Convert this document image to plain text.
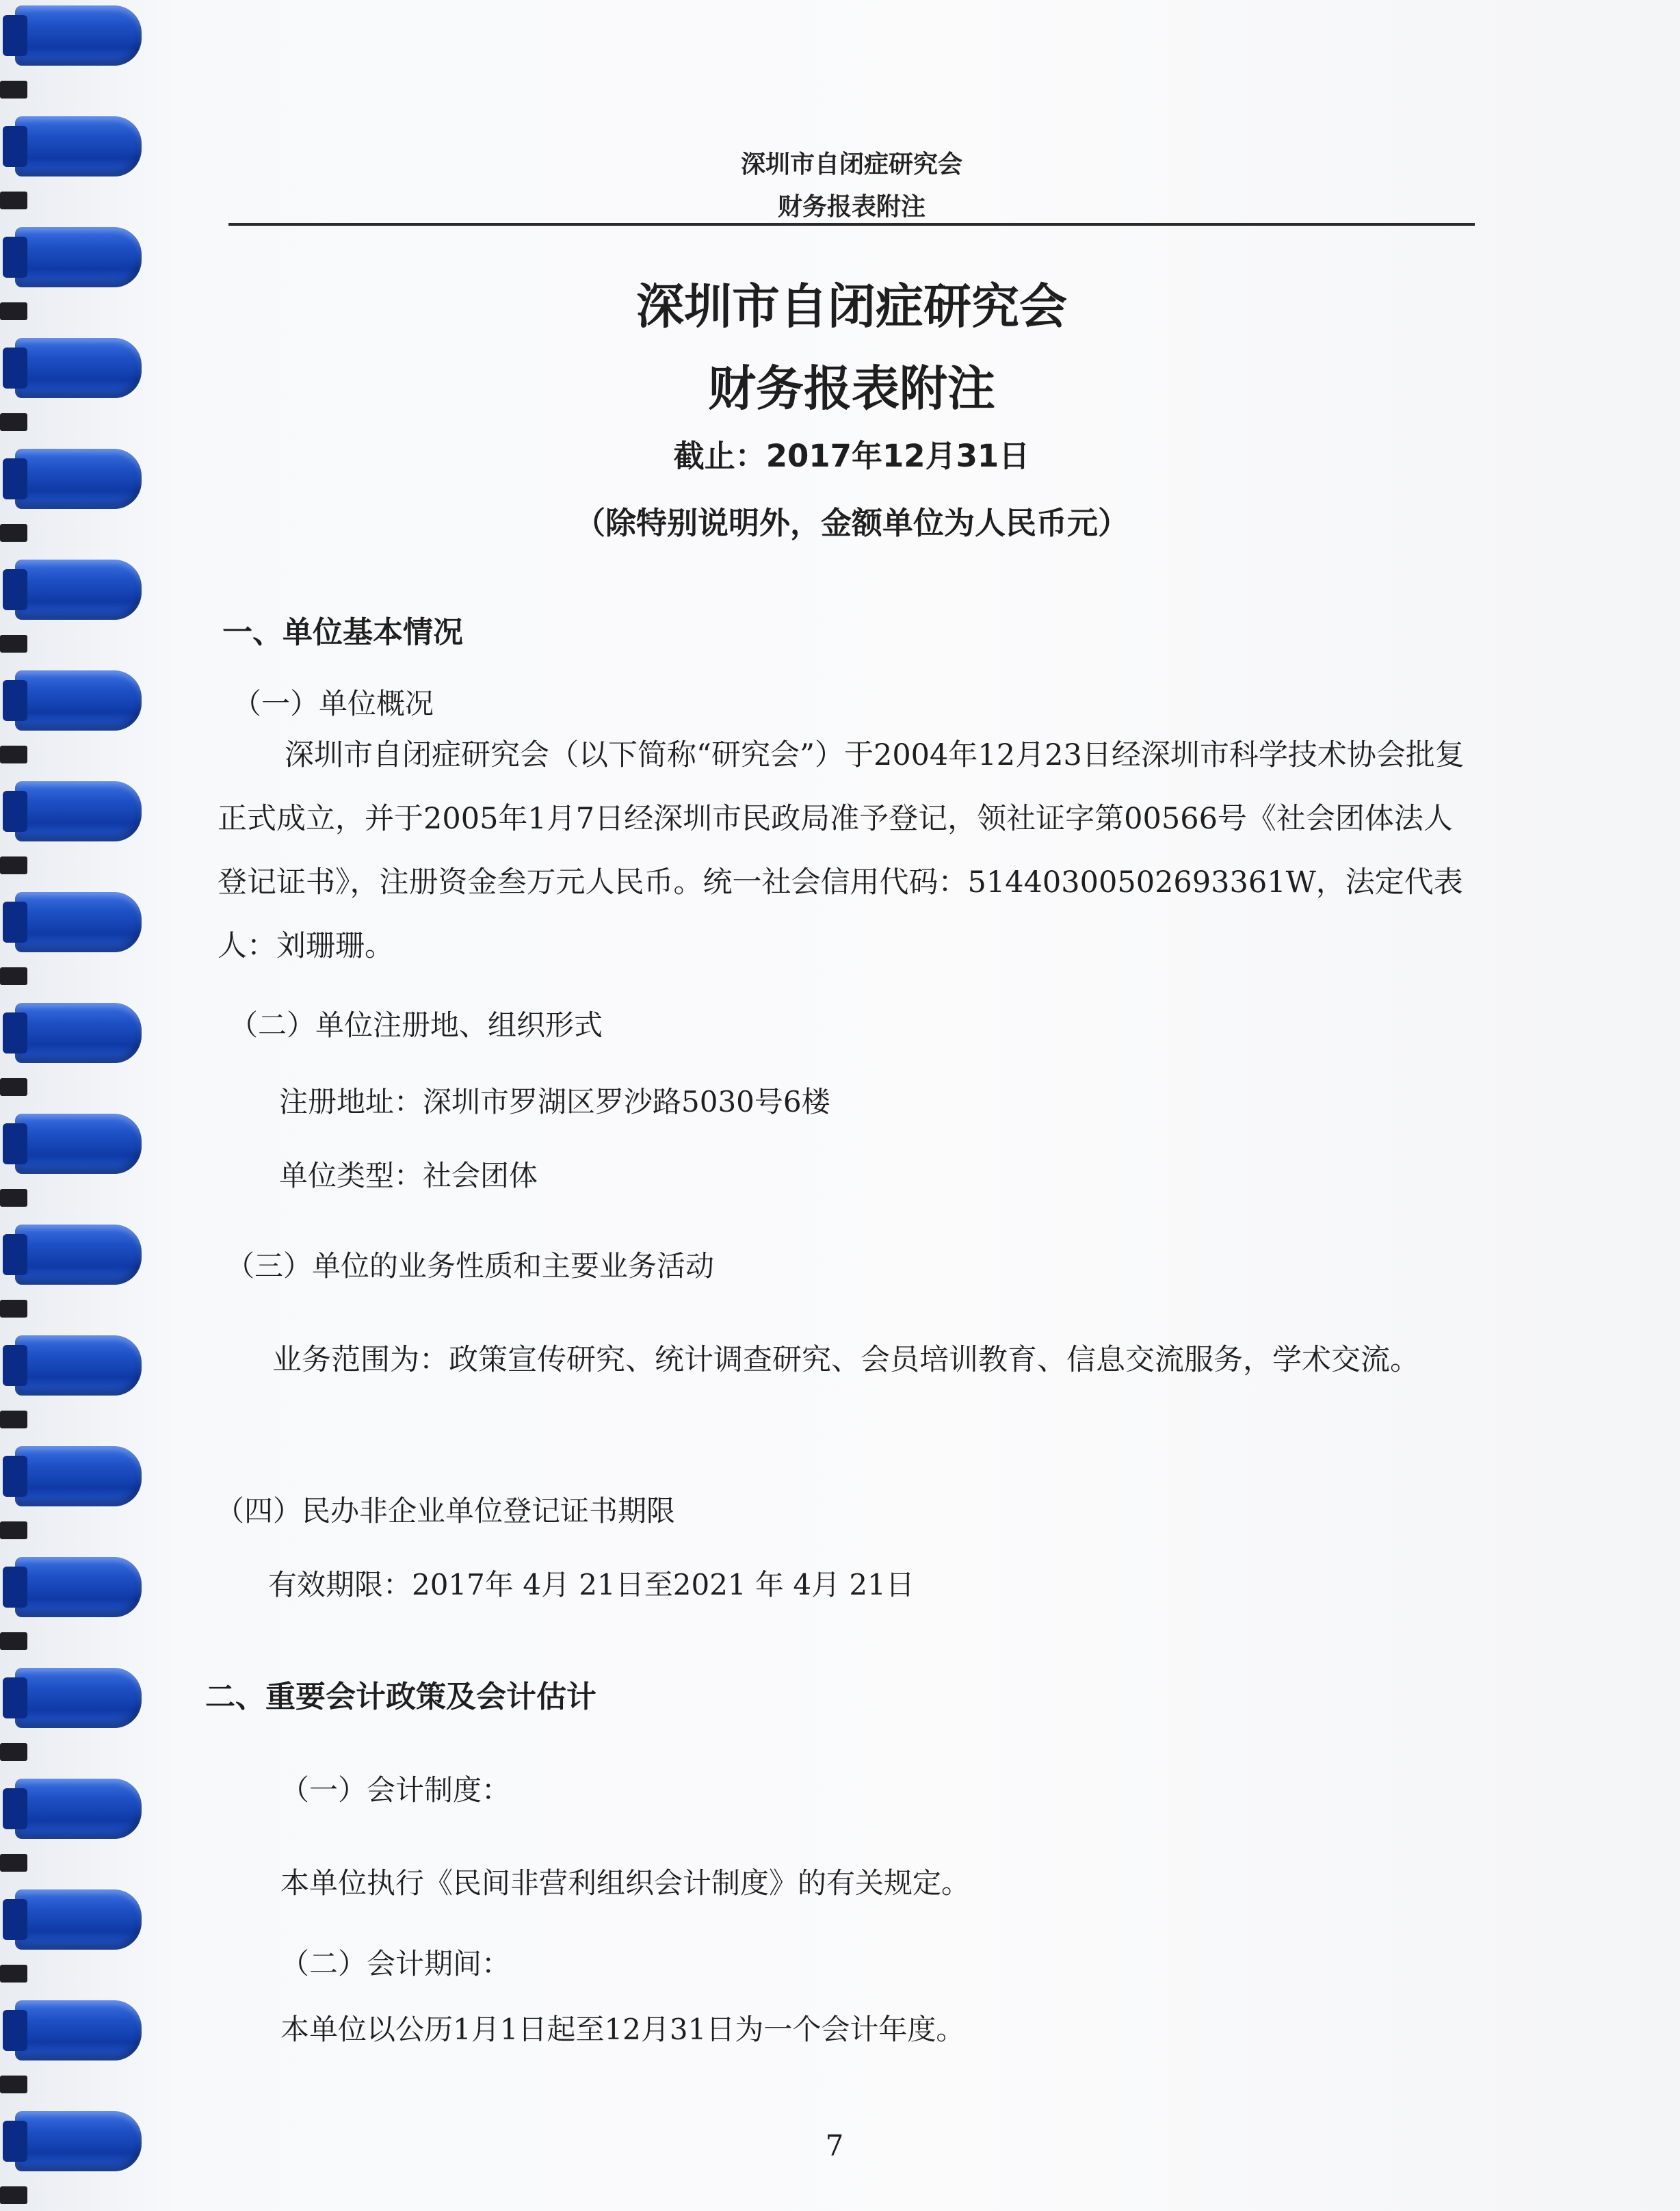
深圳市自闭症研究会
财务报表附注
深圳市自闭症研究会
财务报表附注
截止：2017年12月31日
（除特别说明外，金额单位为人民币元）
一、单位基本情况
（一）单位概况
深圳市自闭症研究会（以下简称“研究会”）于2004年12月23日经深圳市科学技术协会批复正式成立，并于2005年1月7日经深圳市民政局准予登记，领社证字第00566号《社会团体法人登记证书》，注册资金叁万元人民币。统一社会信用代码：51440300502693361W，法定代表人：刘珊珊。
（二）单位注册地、组织形式
注册地址：深圳市罗湖区罗沙路5030号6楼
单位类型：社会团体
（三）单位的业务性质和主要业务活动
业务范围为：政策宣传研究、统计调查研究、会员培训教育、信息交流服务，学术交流。
（四）民办非企业单位登记证书期限
有效期限：2017年 4月 21日至2021 年 4月 21日
二、重要会计政策及会计估计
（一）会计制度：
本单位执行《民间非营利组织会计制度》的有关规定。
（二）会计期间：
本单位以公历1月1日起至12月31日为一个会计年度。
7
